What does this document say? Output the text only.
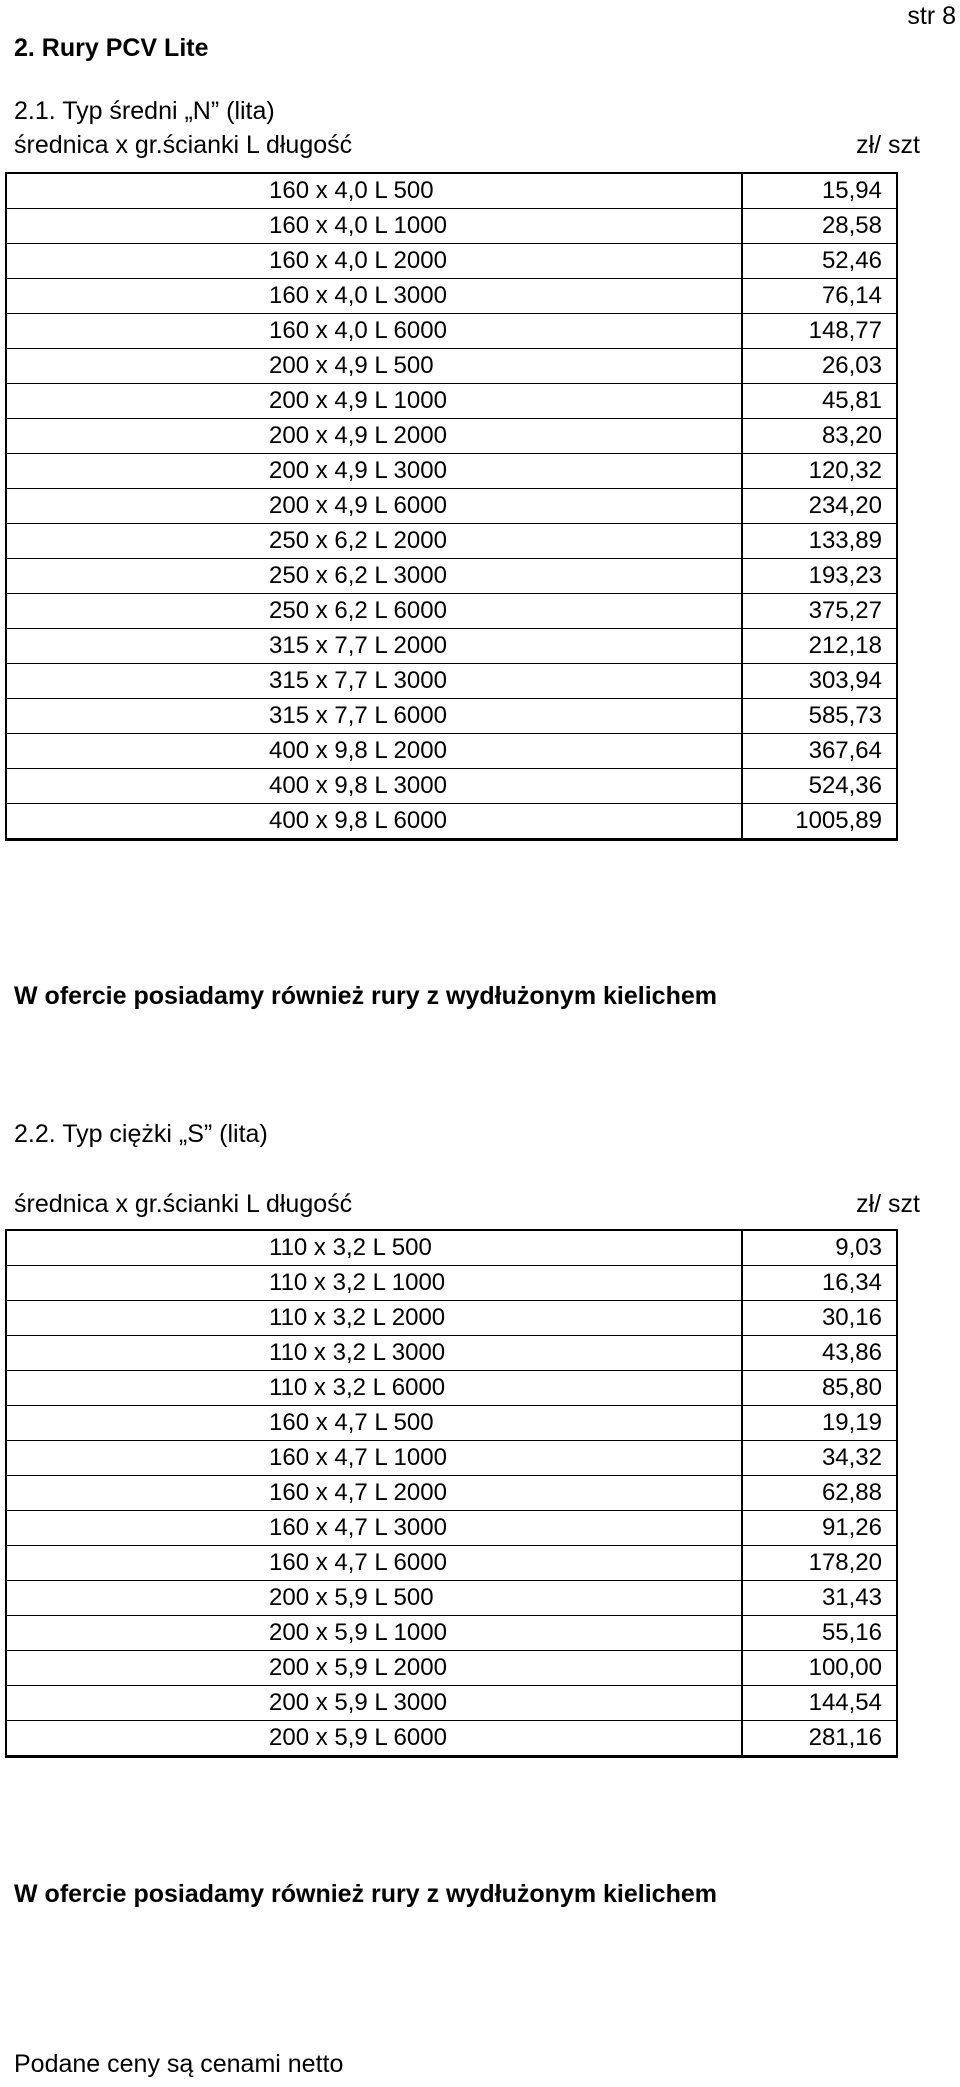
str 8
2. Rury PCV Lite
2.1. Typ średni „N” (lita)
średnica x gr.ścianki L długość	zł/ szt
160 x 4,0 L 500	15,94
160 x 4,0 L 1000	28,58
160 x 4,0 L 2000	52,46
160 x 4,0 L 3000	76,14
160 x 4,0 L 6000	148,77
200 x 4,9 L 500	26,03
200 x 4,9 L 1000	45,81
200 x 4,9 L 2000	83,20
200 x 4,9 L 3000	120,32
200 x 4,9 L 6000	234,20
250 x 6,2 L 2000	133,89
250 x 6,2 L 3000	193,23
250 x 6,2 L 6000	375,27
315 x 7,7 L 2000	212,18
315 x 7,7 L 3000	303,94
315 x 7,7 L 6000	585,73
400 x 9,8 L 2000	367,64
400 x 9,8 L 3000	524,36
400 x 9,8 L 6000	1005,89
W ofercie posiadamy również rury z wydłużonym kielichem
2.2. Typ ciężki „S” (lita)
średnica x gr.ścianki L długość	zł/ szt
110 x 3,2 L 500	9,03
110 x 3,2 L 1000	16,34
110 x 3,2 L 2000	30,16
110 x 3,2 L 3000	43,86
110 x 3,2 L 6000	85,80
160 x 4,7 L 500	19,19
160 x 4,7 L 1000	34,32
160 x 4,7 L 2000	62,88
160 x 4,7 L 3000	91,26
160 x 4,7 L 6000	178,20
200 x 5,9 L 500	31,43
200 x 5,9 L 1000	55,16
200 x 5,9 L 2000	100,00
200 x 5,9 L 3000	144,54
200 x 5,9 L 6000	281,16
W ofercie posiadamy również rury z wydłużonym kielichem
Podane ceny są cenami netto
